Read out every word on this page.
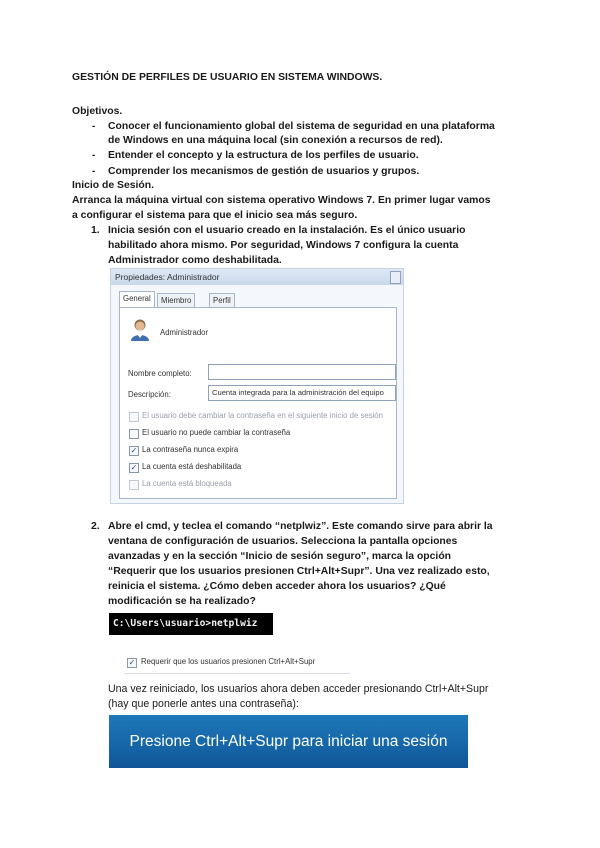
GESTIÓN DE PERFILES DE USUARIO EN SISTEMA WINDOWS.
Objetivos.
- Conocer el funcionamiento global del sistema de seguridad en una plataforma
de Windows en una máquina local (sin conexión a recursos de red).
- Entender el concepto y la estructura de los perfiles de usuario.
- Comprender los mecanismos de gestión de usuarios y grupos.
Inicio de Sesión.
Arranca la máquina virtual con sistema operativo Windows 7. En primer lugar vamos
a configurar el sistema para que el inicio sea más seguro.
1. Inicia sesión con el usuario creado en la instalación. Es el único usuario
habilitado ahora mismo. Por seguridad, Windows 7 configura la cuenta
Administrador como deshabilitada.
Propiedades: Administrador
General	Miembro	Perfil
Administrador
Nombre completo:
Descripción:	Cuenta integrada para la administración del equipo
El usuario debe cambiar la contraseña en el siguiente inicio de sesión
El usuario no puede cambiar la contraseña
✓ La contraseña nunca expira
✓ La cuenta está deshabilitada
La cuenta está bloqueada
2. Abre el cmd, y teclea el comando “netplwiz”. Este comando sirve para abrir la
ventana de configuración de usuarios. Selecciona la pantalla opciones
avanzadas y en la sección “Inicio de sesión seguro”, marca la opción
“Requerir que los usuarios presionen Ctrl+Alt+Supr”. Una vez realizado esto,
reinicia el sistema. ¿Cómo deben acceder ahora los usuarios? ¿Qué
modificación se ha realizado?
C:\Users\usuario>netplwiz
✓ Requerir que los usuarios presionen Ctrl+Alt+Supr
Una vez reiniciado, los usuarios ahora deben acceder presionando Ctrl+Alt+Supr
(hay que ponerle antes una contraseña):
Presione Ctrl+Alt+Supr para iniciar una sesión
